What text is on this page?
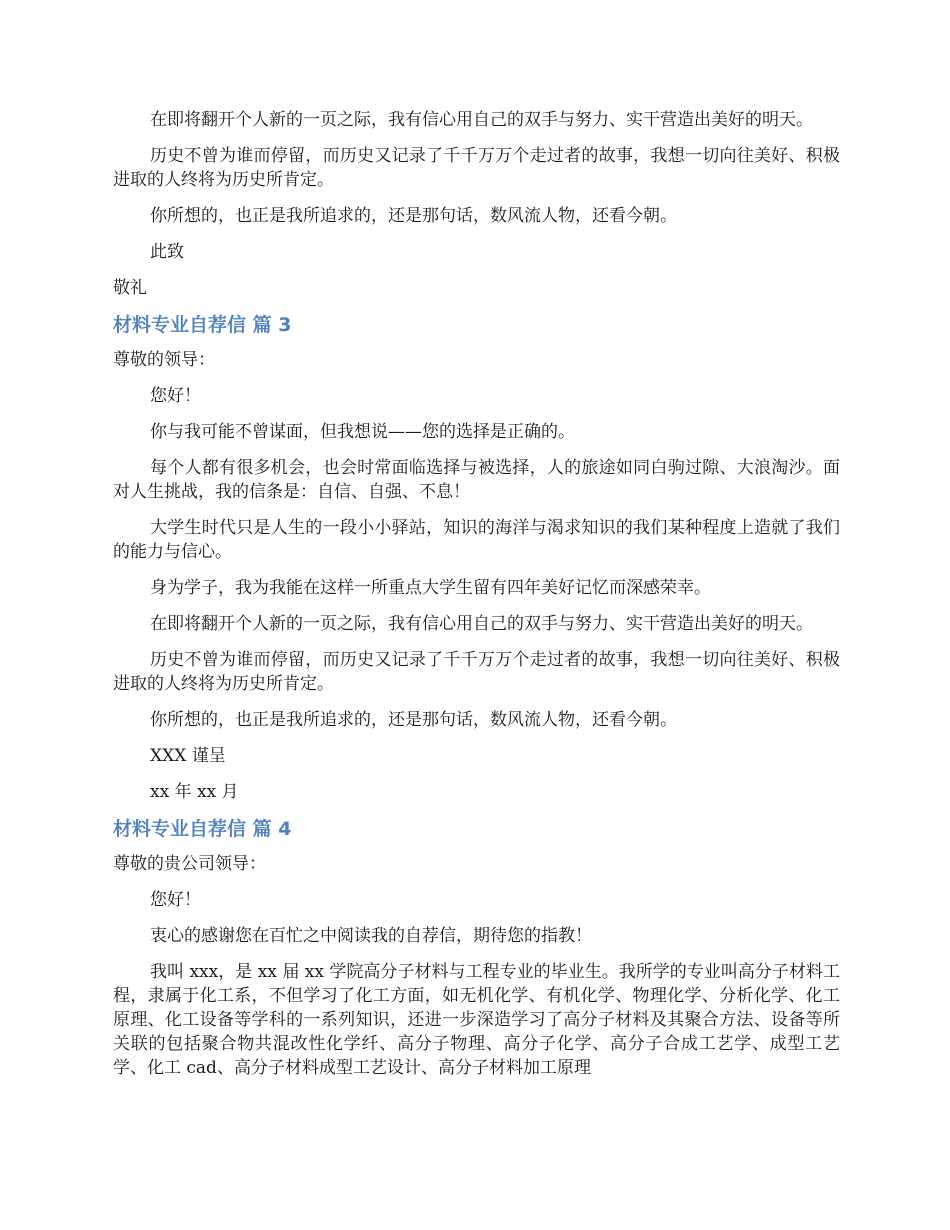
在即将翻开个人新的一页之际，我有信心用自己的双手与努力、实干营造出美好的明天。
历史不曾为谁而停留，而历史又记录了千千万万个走过者的故事，我想一切向往美好、积极进取的人终将为历史所肯定。
你所想的，也正是我所追求的，还是那句话，数风流人物，还看今朝。
此致
敬礼
材料专业自荐信 篇 3
尊敬的领导：
您好！
你与我可能不曾谋面，但我想说——您的选择是正确的。
每个人都有很多机会，也会时常面临选择与被选择，人的旅途如同白驹过隙、大浪淘沙。面对人生挑战，我的信条是：自信、自强、不息！
大学生时代只是人生的一段小小驿站，知识的海洋与渴求知识的我们某种程度上造就了我们的能力与信心。
身为学子，我为我能在这样一所重点大学生留有四年美好记忆而深感荣幸。
在即将翻开个人新的一页之际，我有信心用自己的双手与努力、实干营造出美好的明天。
历史不曾为谁而停留，而历史又记录了千千万万个走过者的故事，我想一切向往美好、积极进取的人终将为历史所肯定。
你所想的，也正是我所追求的，还是那句话，数风流人物，还看今朝。
XXX 谨呈
xx 年 xx 月
材料专业自荐信 篇 4
尊敬的贵公司领导：
您好！
衷心的感谢您在百忙之中阅读我的自荐信，期待您的指教！
我叫 xxx，是 xx 届 xx 学院高分子材料与工程专业的毕业生。我所学的专业叫高分子材料工程，隶属于化工系，不但学习了化工方面，如无机化学、有机化学、物理化学、分析化学、化工原理、化工设备等学科的一系列知识，还进一步深造学习了高分子材料及其聚合方法、设备等所关联的包括聚合物共混改性化学纤、高分子物理、高分子化学、高分子合成工艺学、成型工艺学、化工 cad、高分子材料成型工艺设计、高分子材料加工原理
